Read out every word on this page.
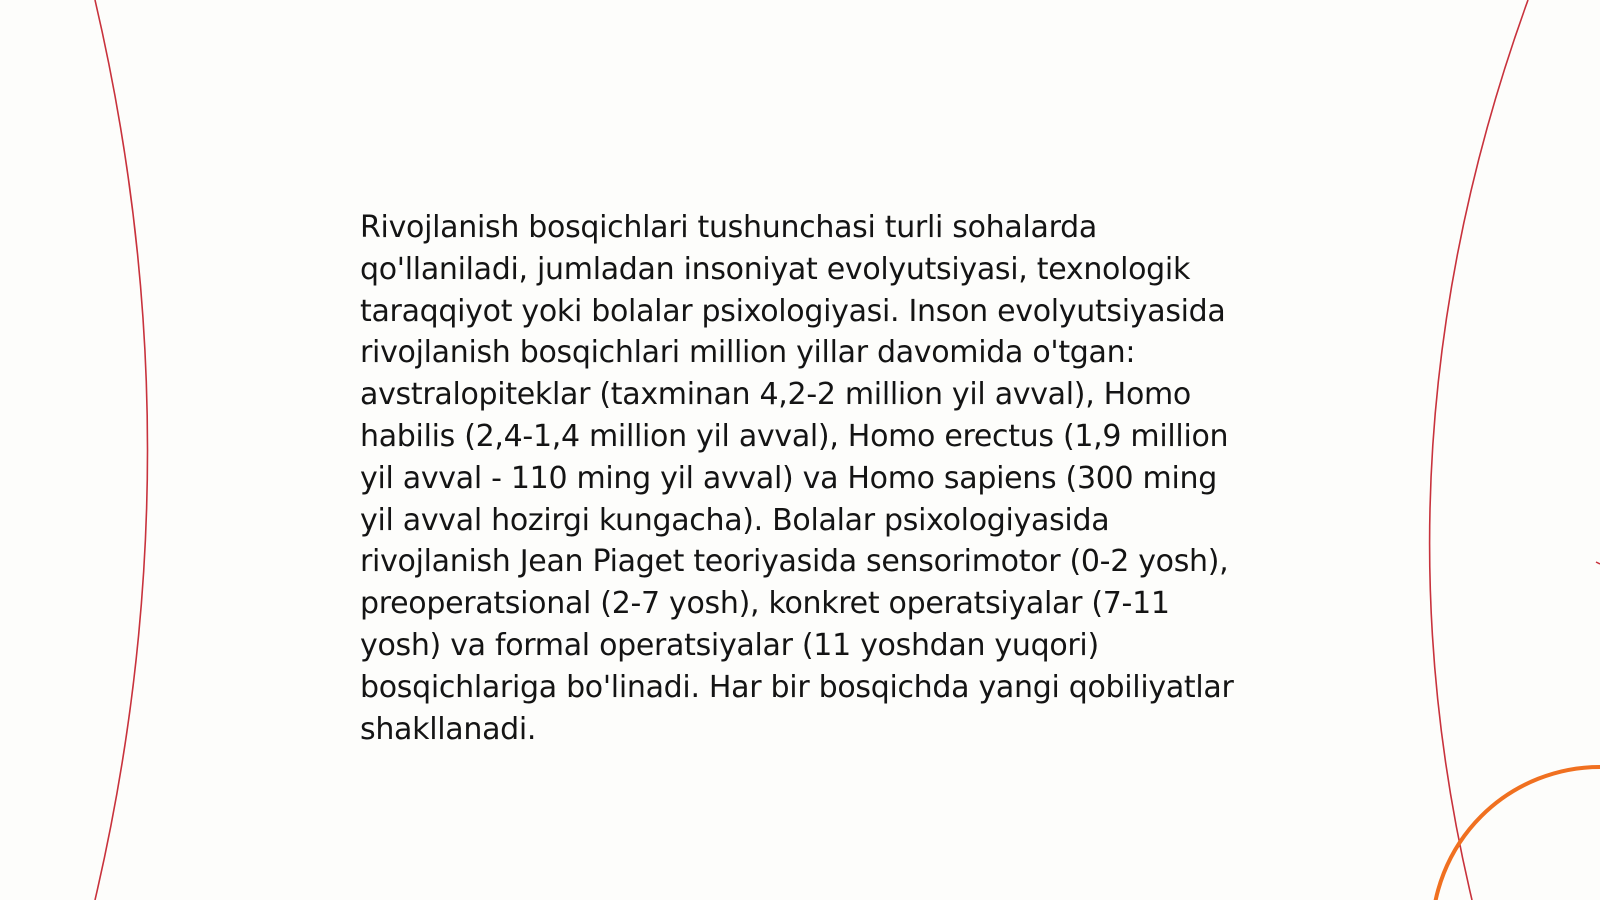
Rivojlanish bosqichlari tushunchasi turli sohalarda qo'llaniladi, jumladan insoniyat evolyutsiyasi, texnologik taraqqiyot yoki bolalar psixologiyasi. Inson evolyutsiyasida rivojlanish bosqichlari million yillar davomida o'tgan: avstralopiteklar (taxminan 4,2-2 million yil avval), Homo habilis (2,4-1,4 million yil avval), Homo erectus (1,9 million yil avval - 110 ming yil avval) va Homo sapiens (300 ming yil avval hozirgi kungacha). Bolalar psixologiyasida rivojlanish Jean Piaget teoriyasida sensorimotor (0-2 yosh), preoperatsional (2-7 yosh), konkret operatsiyalar (7-11 yosh) va formal operatsiyalar (11 yoshdan yuqori) bosqichlariga bo'linadi. Har bir bosqichda yangi qobiliyatlar shakllanadi.
